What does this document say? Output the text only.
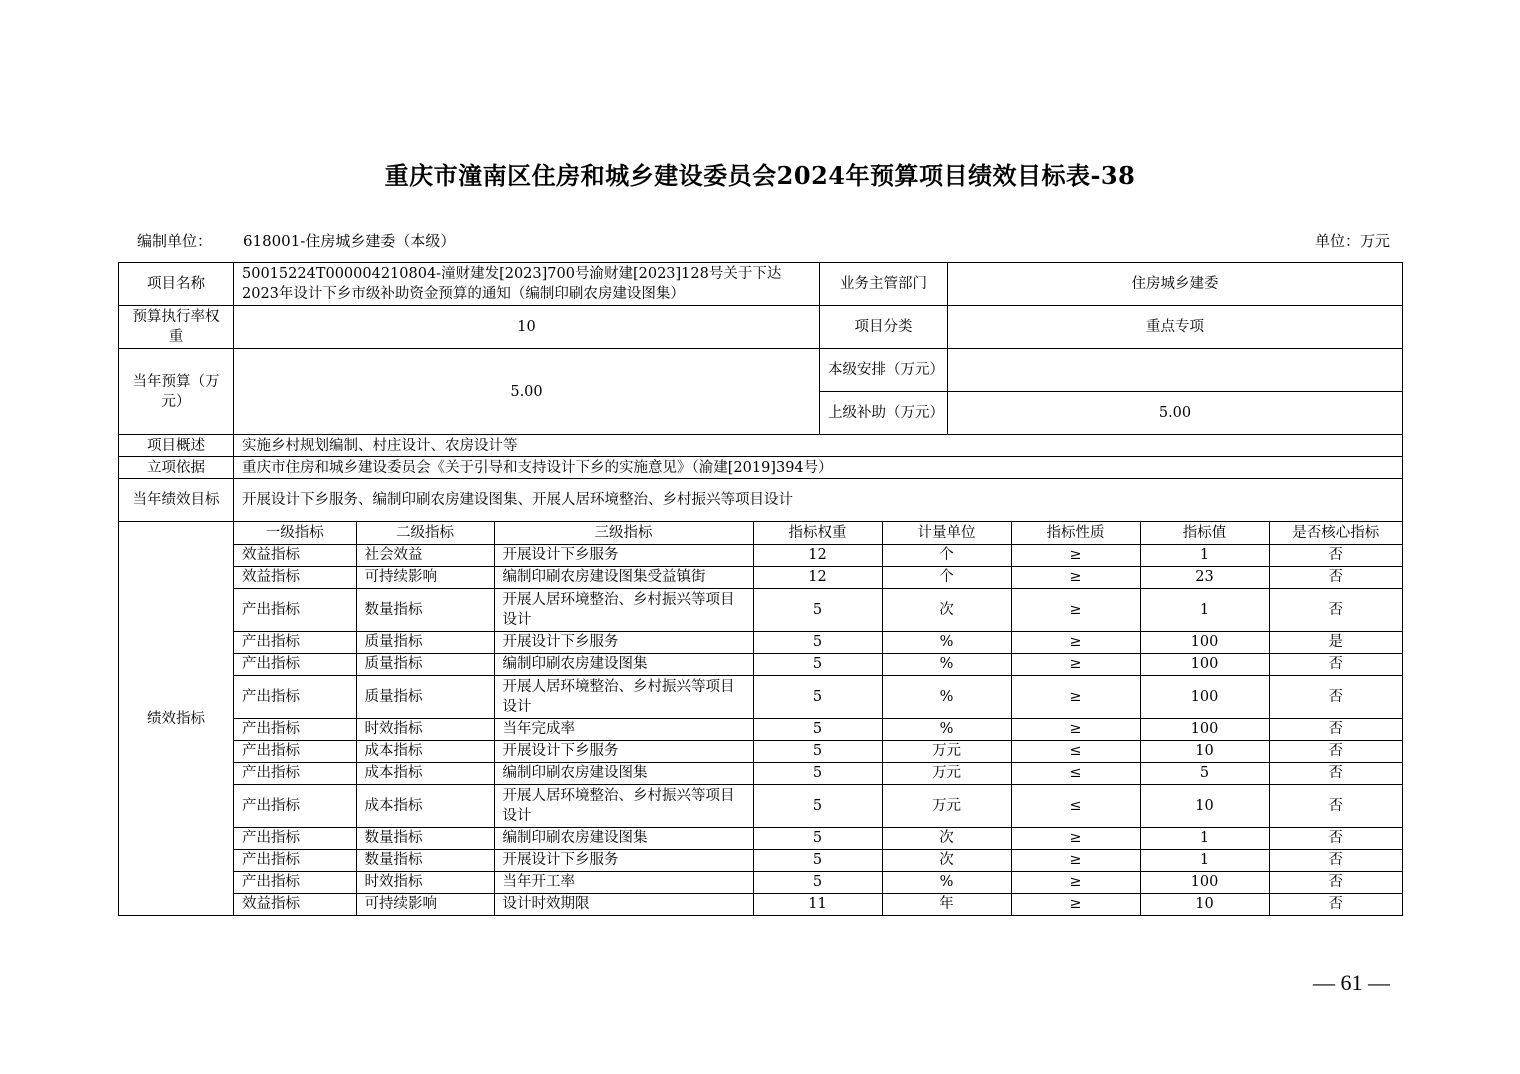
重庆市潼南区住房和城乡建设委员会2024年预算项目绩效目标表-38
编制单位： 618001-住房城乡建委（本级）	单位：万元
项目名称	50015224T000004210804-潼财建发[2023]700号渝财建[2023]128号关于下达2023年设计下乡市级补助资金预算的通知（编制印刷农房建设图集）	业务主管部门	住房城乡建委
预算执行率权重	10	项目分类	重点专项
当年预算（万元）	5.00	本级安排（万元）	
上级补助（万元）	5.00
项目概述	实施乡村规划编制、村庄设计、农房设计等
立项依据	重庆市住房和城乡建设委员会《关于引导和支持设计下乡的实施意见》（渝建[2019]394号）
当年绩效目标	开展设计下乡服务、编制印刷农房建设图集、开展人居环境整治、乡村振兴等项目设计
绩效指标	
一级指标	二级指标	三级指标	指标权重	计量单位	指标性质	指标值	是否核心指标
效益指标	社会效益	开展设计下乡服务	12	个	≥	1	否
效益指标	可持续影响	编制印刷农房建设图集受益镇街	12	个	≥	23	否
产出指标	数量指标	开展人居环境整治、乡村振兴等项目设计	5	次	≥	1	否
产出指标	质量指标	开展设计下乡服务	5	%	≥	100	是
产出指标	质量指标	编制印刷农房建设图集	5	%	≥	100	否
产出指标	质量指标	开展人居环境整治、乡村振兴等项目设计	5	%	≥	100	否
产出指标	时效指标	当年完成率	5	%	≥	100	否
产出指标	成本指标	开展设计下乡服务	5	万元	≤	10	否
产出指标	成本指标	编制印刷农房建设图集	5	万元	≤	5	否
产出指标	成本指标	开展人居环境整治、乡村振兴等项目设计	5	万元	≤	10	否
产出指标	数量指标	编制印刷农房建设图集	5	次	≥	1	否
产出指标	数量指标	开展设计下乡服务	5	次	≥	1	否
产出指标	时效指标	当年开工率	5	%	≥	100	否
效益指标	可持续影响	设计时效期限	11	年	≥	10	否
— 61 —
